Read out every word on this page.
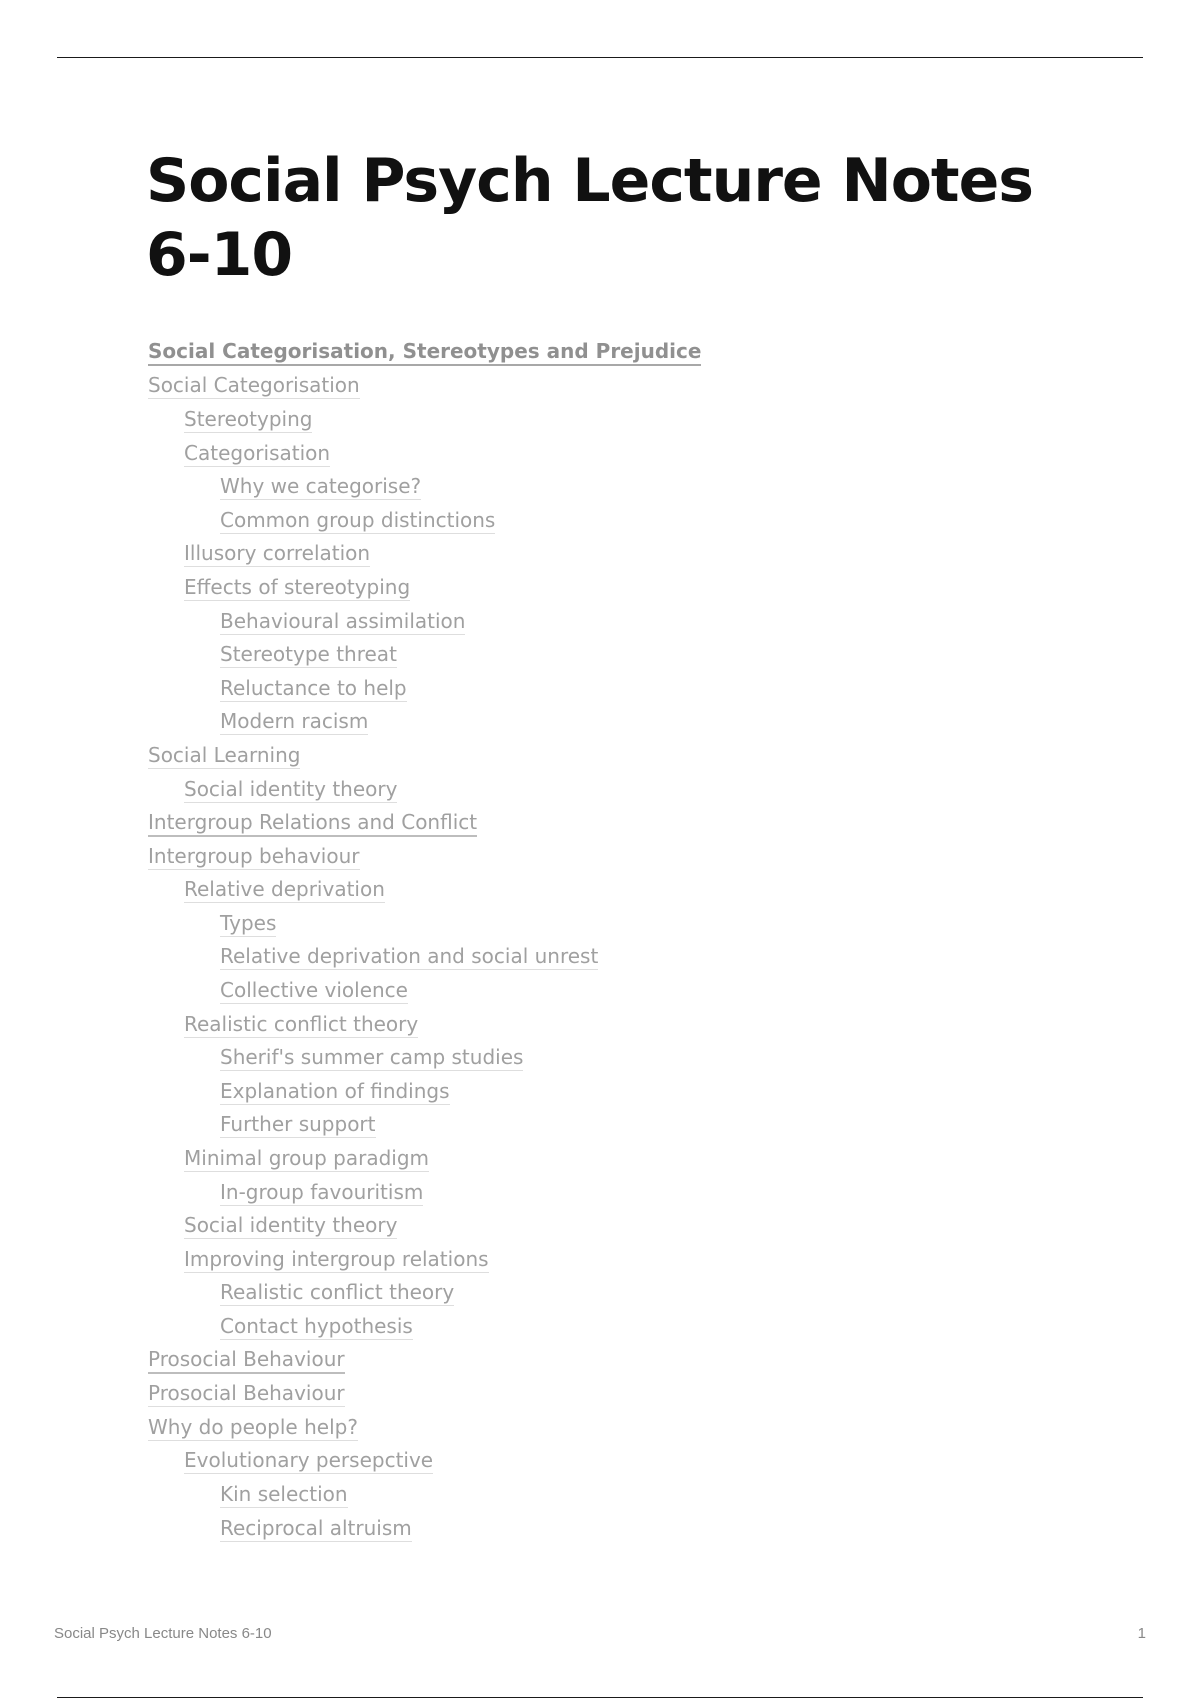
Social Psych Lecture Notes 6-10
Social Categorisation, Stereotypes and Prejudice
Social Categorisation
Stereotyping
Categorisation
Why we categorise?
Common group distinctions
Illusory correlation
Effects of stereotyping
Behavioural assimilation
Stereotype threat
Reluctance to help
Modern racism
Social Learning
Social identity theory
Intergroup Relations and Conflict
Intergroup behaviour
Relative deprivation
Types
Relative deprivation and social unrest
Collective violence
Realistic conflict theory
Sherif's summer camp studies
Explanation of findings
Further support
Minimal group paradigm
In-group favouritism
Social identity theory
Improving intergroup relations
Realistic conflict theory
Contact hypothesis
Prosocial Behaviour
Prosocial Behaviour
Why do people help?
Evolutionary persepctive
Kin selection
Reciprocal altruism
Social Psych Lecture Notes 6-10	1
